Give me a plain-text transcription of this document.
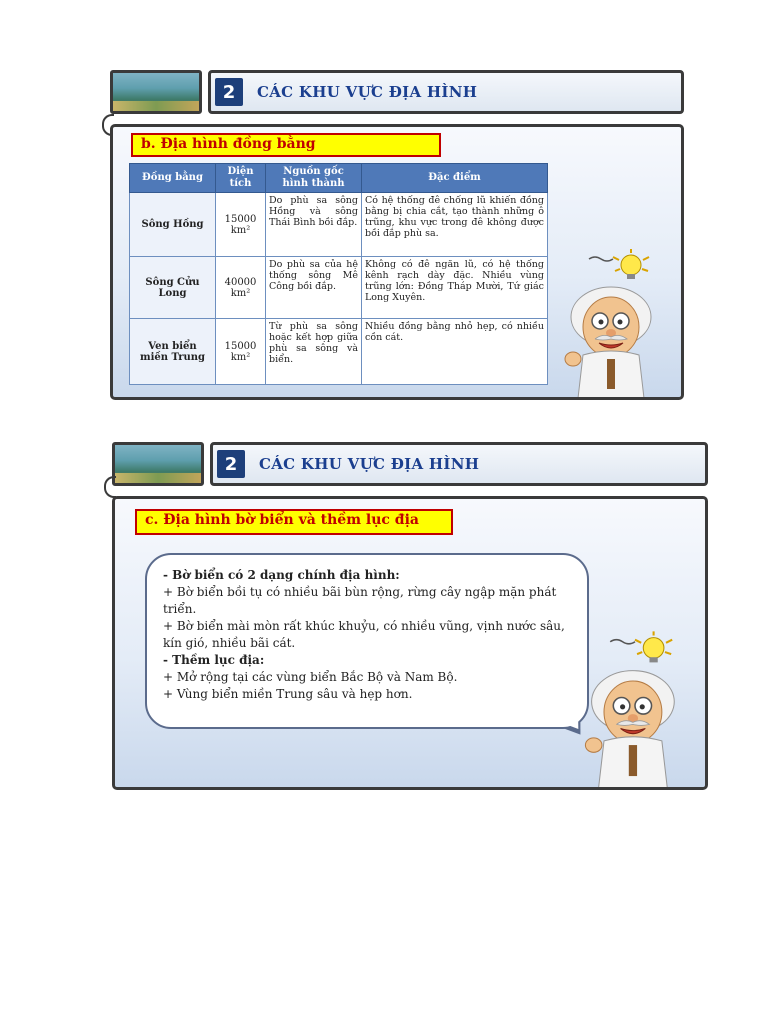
2	CÁC KHU VỰC ĐỊA HÌNH
b. Địa hình đồng bằng
Đồng bằng	Diện tích	Nguồn gốc hình thành	Đặc điểm
Sông Hồng	15000 km²	Do phù sa sông Hồng và sông Thái Bình bồi đắp.	Có hệ thống đê chống lũ khiến đồng bằng bị chia cắt, tạo thành những ô trũng, khu vực trong đê không được bồi đắp phù sa.
Sông Cửu Long	40000 km²	Do phù sa của hệ thống sông Mê Công bồi đắp.	Không có đê ngăn lũ, có hệ thống kênh rạch dày đặc. Nhiều vùng trũng lớn: Đồng Tháp Mười, Tứ giác Long Xuyên.
Ven biển miền Trung	15000 km²	Từ phù sa sông hoặc kết hợp giữa phù sa sông và biển.	Nhiều đồng bằng nhỏ hẹp, có nhiều cồn cát.
2	CÁC KHU VỰC ĐỊA HÌNH
c. Địa hình bờ biển và thềm lục địa
- Bờ biển có 2 dạng chính địa hình:
+ Bờ biển bồi tụ có nhiều bãi bùn rộng, rừng cây ngập mặn phát triển.
+ Bờ biển mài mòn rất khúc khuỷu, có nhiều vũng, vịnh nước sâu, kín gió, nhiều bãi cát.
- Thềm lục địa:
+ Mở rộng tại các vùng biển Bắc Bộ và Nam Bộ.
+ Vùng biển miền Trung sâu và hẹp hơn.
